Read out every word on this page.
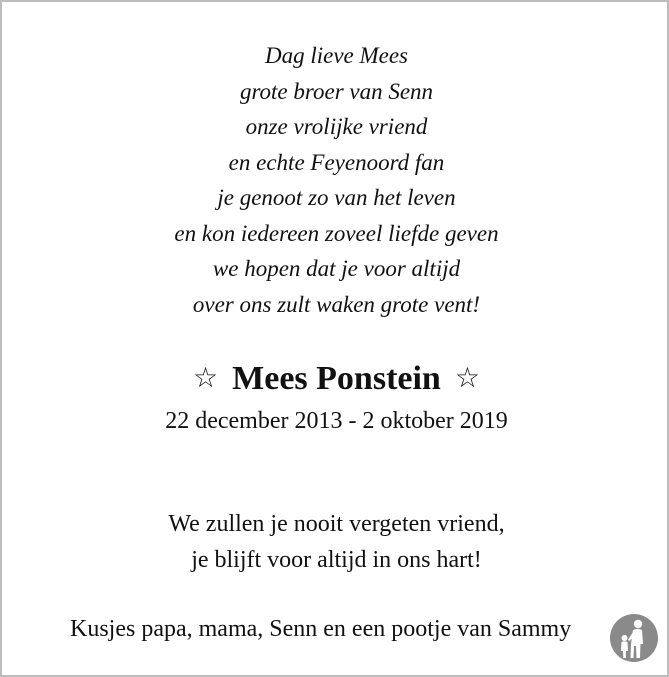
Dag lieve Mees
grote broer van Senn
onze vrolijke vriend
en echte Feyenoord fan
je genoot zo van het leven
en kon iedereen zoveel liefde geven
we hopen dat je voor altijd
over ons zult waken grote vent!
☆ Mees Ponstein ☆
22 december 2013 - 2 oktober 2019
We zullen je nooit vergeten vriend,
je blijft voor altijd in ons hart!
Kusjes papa, mama, Senn en een pootje van Sammy
